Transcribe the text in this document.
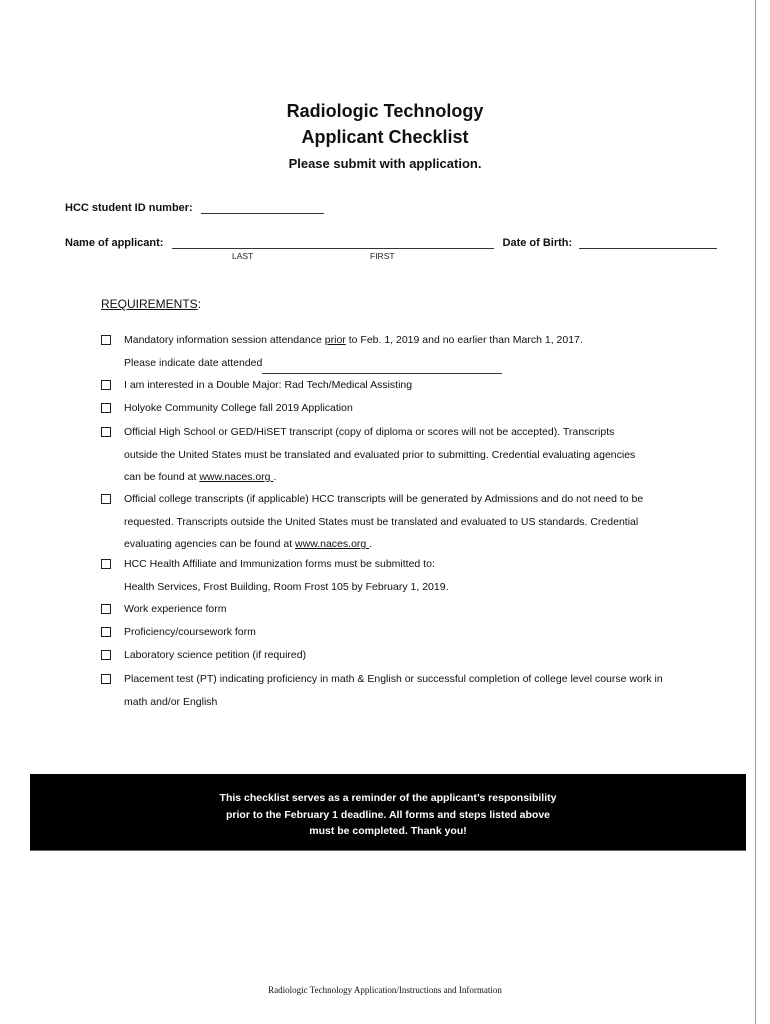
Radiologic Technology
Applicant Checklist
Please submit with application.
HCC student ID number:
Name of applicant:	Date of Birth:
LAST	FIRST
REQUIREMENTS:
Mandatory information session attendance prior to Feb. 1, 2019 and no earlier than March 1, 2017.
Please indicate date attended
I am interested in a Double Major: Rad Tech/Medical Assisting
Holyoke Community College fall 2019 Application
Official High School or GED/HiSET transcript (copy of diploma or scores will not be accepted). Transcripts
outside the United States must be translated and evaluated prior to submitting. Credential evaluating agencies
can be found at www.naces.org .
Official college transcripts (if applicable) HCC transcripts will be generated by Admissions and do not need to be
requested. Transcripts outside the United States must be translated and evaluated to US standards. Credential
evaluating agencies can be found at www.naces.org .
HCC Health Affiliate and Immunization forms must be submitted to:
Health Services, Frost Building, Room Frost 105 by February 1, 2019.
Work experience form
Proficiency/coursework form
Laboratory science petition (if required)
Placement test (PT) indicating proficiency in math & English or successful completion of college level course work in
math and/or English
This checklist serves as a reminder of the applicant’s responsibility
prior to the February 1 deadline. All forms and steps listed above
must be completed. Thank you!
Radiologic Technology Application/Instructions and Information
